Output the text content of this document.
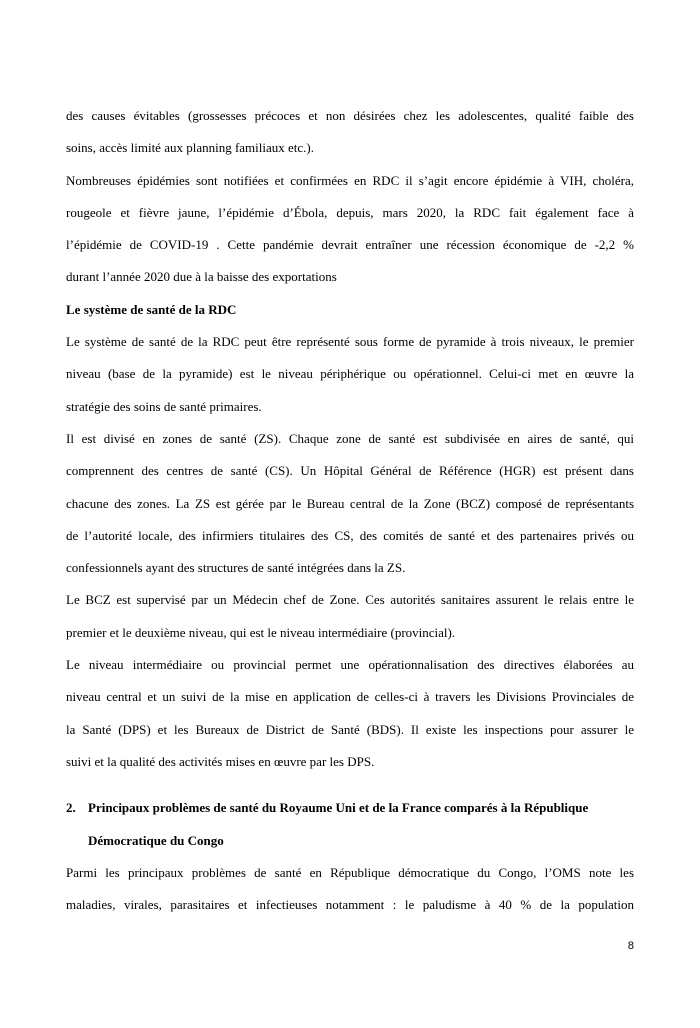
des causes évitables (grossesses précoces et non désirées chez les adolescentes, qualité faible des
soins, accès limité aux planning familiaux etc.).
Nombreuses épidémies sont notifiées et confirmées en RDC il s’agit encore épidémie à VIH, choléra,
rougeole et fièvre jaune, l’épidémie d’Ébola, depuis, mars 2020, la RDC fait également face à
l’épidémie de COVID-19 . Cette pandémie devrait entraîner une récession économique de -2,2 %
durant l’année 2020 due à la baisse des exportations
Le système de santé de la RDC
Le système de santé de la RDC peut être représenté sous forme de pyramide à trois niveaux, le premier
niveau (base de la pyramide) est le niveau périphérique ou opérationnel. Celui-ci met en œuvre la
stratégie des soins de santé primaires.
Il est divisé en zones de santé (ZS). Chaque zone de santé est subdivisée en aires de santé, qui
comprennent des centres de santé (CS). Un Hôpital Général de Référence (HGR) est présent dans
chacune des zones. La ZS est gérée par le Bureau central de la Zone (BCZ) composé de représentants
de l’autorité locale, des infirmiers titulaires des CS, des comités de santé et des partenaires privés ou
confessionnels ayant des structures de santé intégrées dans la ZS.
Le BCZ est supervisé par un Médecin chef de Zone. Ces autorités sanitaires assurent le relais entre le
premier et le deuxième niveau, qui est le niveau intermédiaire (provincial).
Le niveau intermédiaire ou provincial permet une opérationnalisation des directives élaborées au
niveau central et un suivi de la mise en application de celles-ci à travers les Divisions Provinciales de
la Santé (DPS) et les Bureaux de District de Santé (BDS). Il existe les inspections pour assurer le
suivi et la qualité des activités mises en œuvre par les DPS.
2. Principaux problèmes de santé du Royaume Uni et de la France comparés à la République
Démocratique du Congo
Parmi les principaux problèmes de santé en République démocratique du Congo, l’OMS note les
maladies, virales, parasitaires et infectieuses notamment : le paludisme à 40 % de la population
8
